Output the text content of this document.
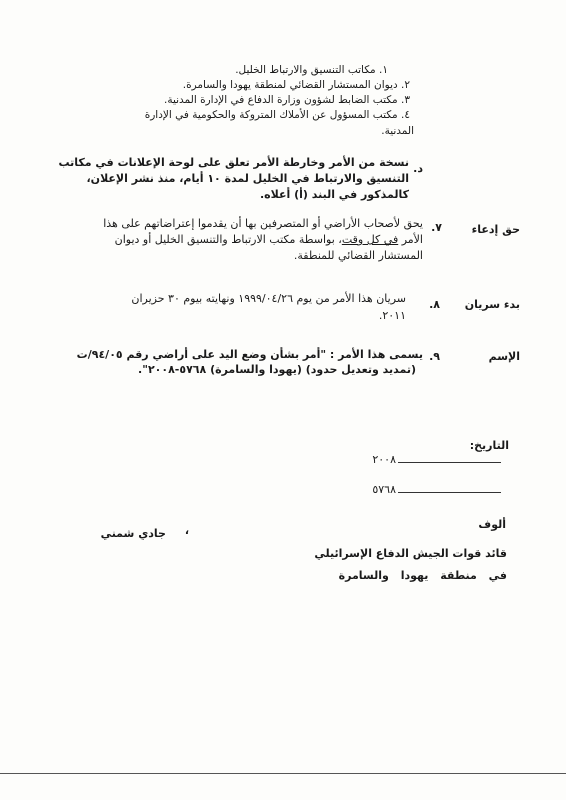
١. مكاتب التنسيق والارتباط الخليل.
٢. ديوان المستشار القضائي لمنطقة يهودا والسامرة.
٣. مكتب الضابط لشؤون وزارة الدفاع في الإدارة المدنية.
٤. مكتب المسؤول عن الأملاك المتروكة والحكومية في الإدارة
المدنية.
د.
نسخة من الأمر وخارطة الأمر تعلق على لوحة الإعلانات في مكاتب
التنسيق والارتباط في الخليل لمدة ١٠ أيام، منذ نشر الإعلان،
كالمذكور في البند (أ) أعلاه.
حق إدعاء
٧.
يحق لأصحاب الأراضي أو المتصرفين بها أن يقدموا إعتراضاتهم على هذا
الأمر في كل وقت، بواسطة مكتب الارتباط والتنسيق الخليل أو ديوان
المستشار القضائي للمنطقة.
بدء سريان
٨.
سريان هذا الأمر من يوم ١٩٩٩/٠٤/٢٦ ونهايته بيوم ٣٠ حزيران
٢٠١١.
الإسم
٩.
يسمى هذا الأمر : "أمر بشأن وضع اليد على أراضي رقم ٩٤/٠٥/ت
(تمديد وتعديل حدود) (يهودا والسامرة) ٥٧٦٨-٢٠٠٨".
التاريخ:
٢٠٠٨
٥٧٦٨
ألوف
،
جادي شمني
قائد قوات الجيش الدفاع الإسرائيلي
في منطقة يهودا والسامرة
